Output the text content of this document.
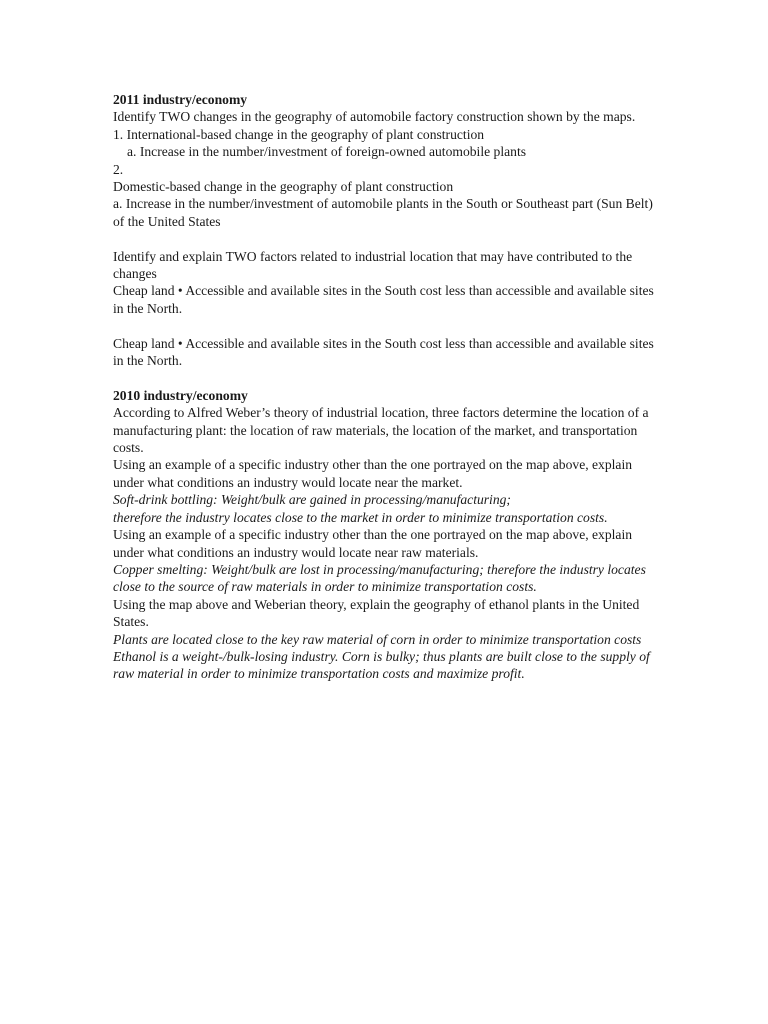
2011 industry/economy

Identify TWO changes in the geography of automobile factory construction shown by the maps.

1. International-based change in the geography of plant construction

a. Increase in the number/investment of foreign-owned automobile plants

2.

Domestic-based change in the geography of plant construction

a. Increase in the number/investment of automobile plants in the South or Southeast part (Sun Belt) of the United States

Identify and explain TWO factors related to industrial location that may have contributed to the changes

Cheap land • Accessible and available sites in the South cost less than accessible and available sites in the North.

Cheap land • Accessible and available sites in the South cost less than accessible and available sites in the North.

2010 industry/economy

According to Alfred Weber’s theory of industrial location, three factors determine the location of a manufacturing plant: the location of raw materials, the location of the market, and transportation costs.

Using an example of a specific industry other than the one portrayed on the map above, explain under what conditions an industry would locate near the market.

Soft-drink bottling: Weight/bulk are gained in processing/manufacturing;

therefore the industry locates close to the market in order to minimize transportation costs.

Using an example of a specific industry other than the one portrayed on the map above, explain under what conditions an industry would locate near raw materials.

Copper smelting: Weight/bulk are lost in processing/manufacturing; therefore the industry locates close to the source of raw materials in order to minimize transportation costs.

Using the map above and Weberian theory, explain the geography of ethanol plants in the United States.

Plants are located close to the key raw material of corn in order to minimize transportation costs Ethanol is a weight-/bulk-losing industry. Corn is bulky; thus plants are built close to the supply of raw material in order to minimize transportation costs and maximize profit.
